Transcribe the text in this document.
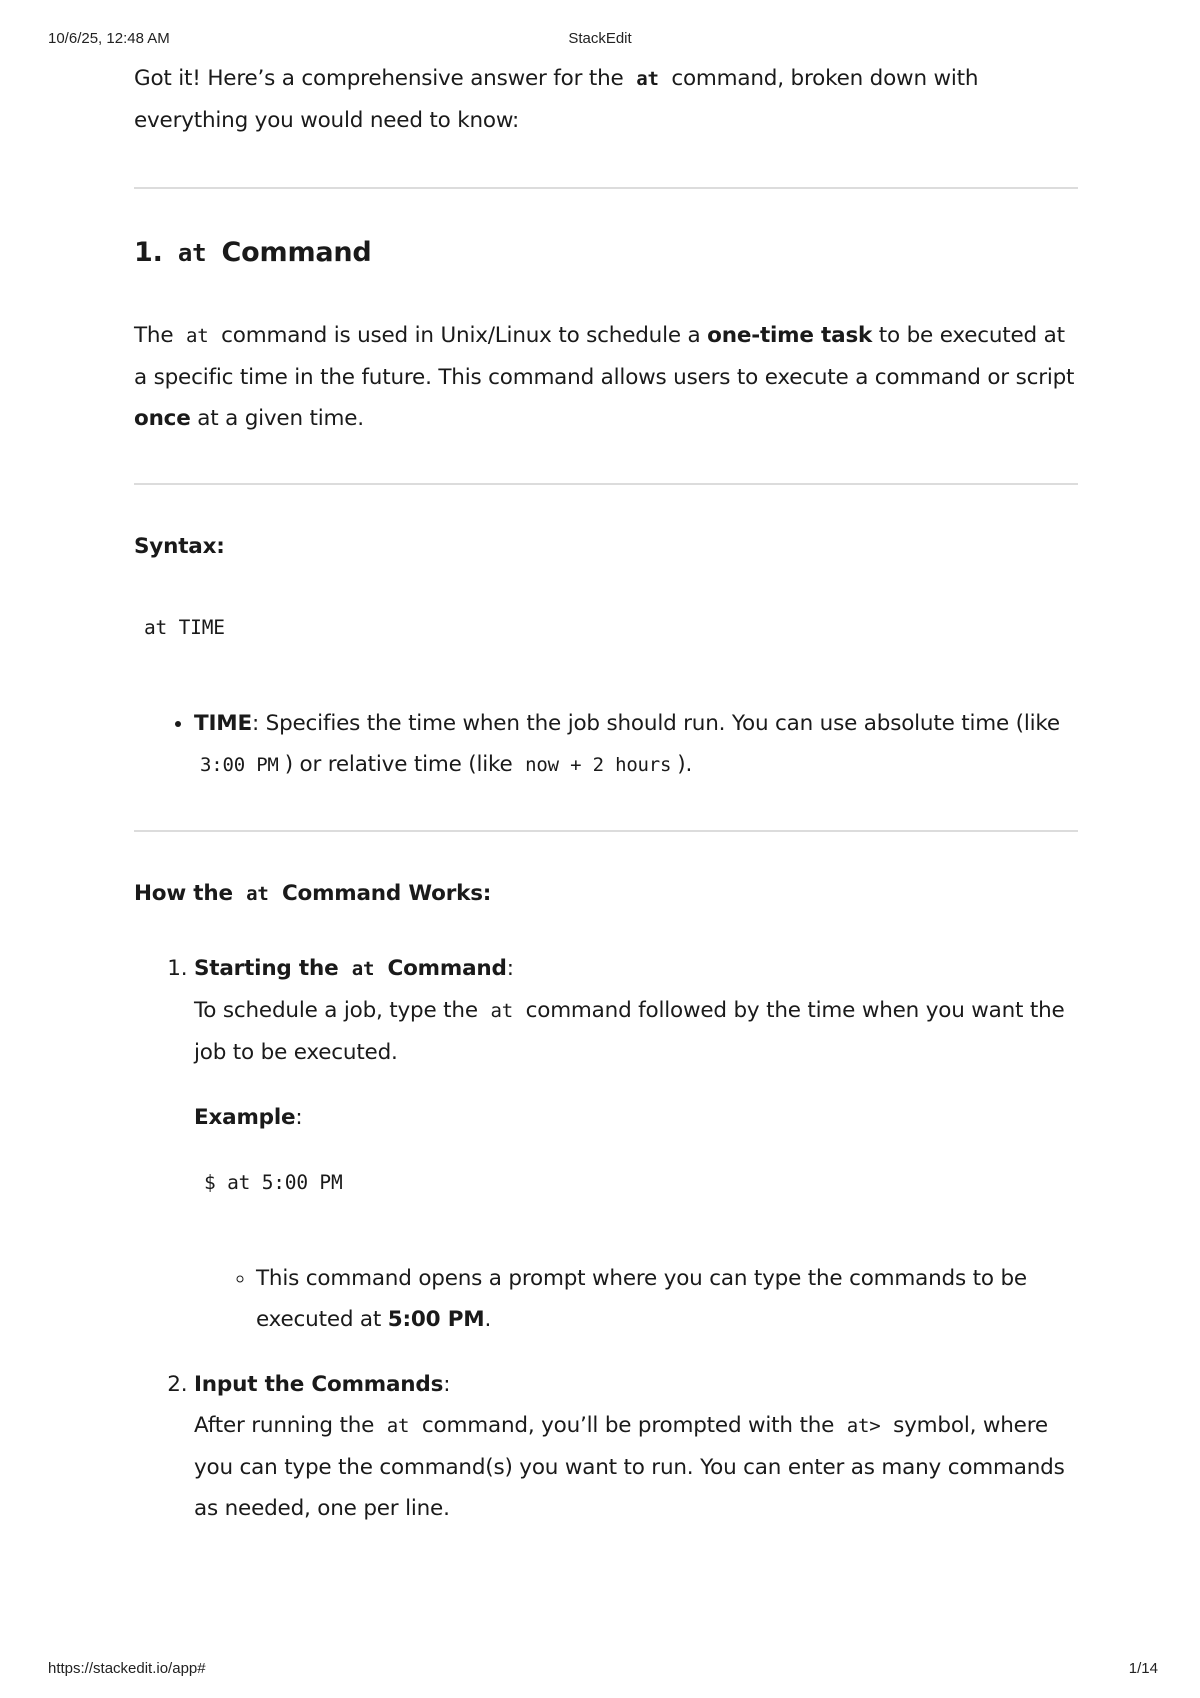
10/6/25, 12:48 AM	StackEdit

Got it! Here’s a comprehensive answer for the at command, broken down with everything you would need to know:

1. at Command

The at command is used in Unix/Linux to schedule a one-time task to be executed at a specific time in the future. This command allows users to execute a command or script once at a given time.

Syntax:
at TIME
• TIME: Specifies the time when the job should run. You can use absolute time (like 3:00 PM ) or relative time (like now + 2 hours ).
How the at Command Works:
1. Starting the at Command:
To schedule a job, type the at command followed by the time when you want the job to be executed.

Example:

$ at 5:00 PM
◦ This command opens a prompt where you can type the commands to be executed at 5:00 PM.
2. Input the Commands:
After running the at command, you’ll be prompted with the at> symbol, where you can type the command(s) you want to run. You can enter as many commands as needed, one per line.
https://stackedit.io/app#	1/14
